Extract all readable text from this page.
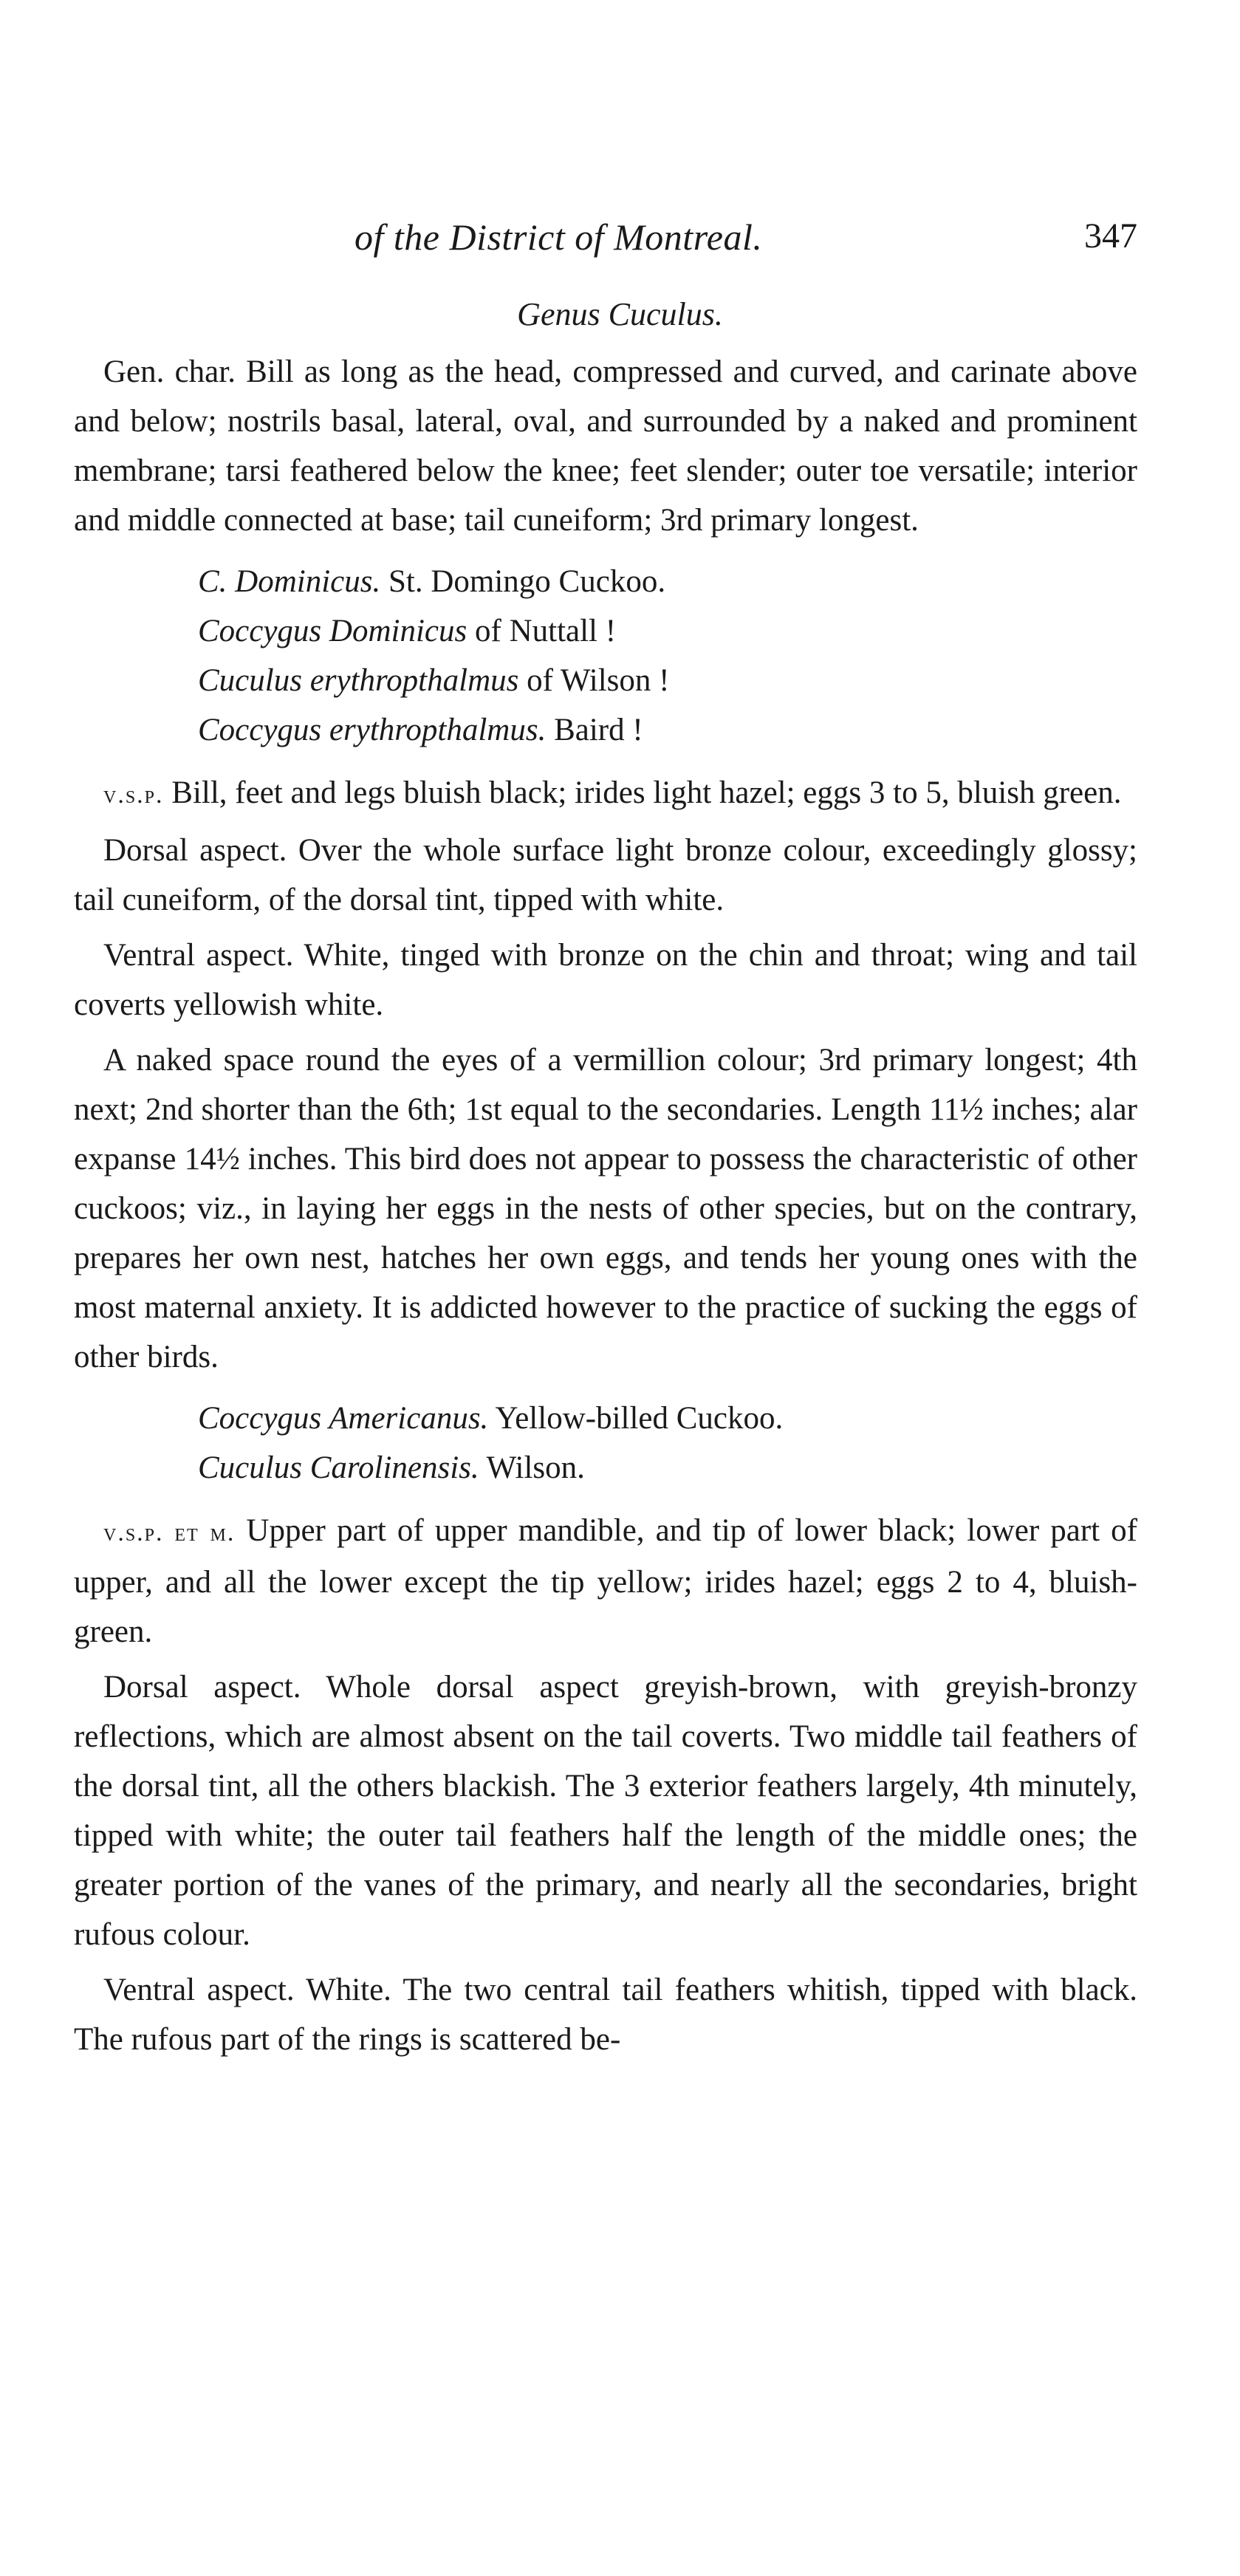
of the District of Montreal.	347
Genus Cuculus.

Gen. char. Bill as long as the head, compressed and curved, and carinate above and below; nostrils basal, lateral, oval, and surrounded by a naked and prominent membrane; tarsi feathered below the knee; feet slender; outer toe versatile; interior and middle connected at base; tail cuneiform; 3rd primary longest.

C. Dominicus. St. Domingo Cuckoo.
Coccygus Dominicus of Nuttall !
Cuculus erythropthalmus of Wilson !
Coccygus erythropthalmus. Baird !

v.s.p. Bill, feet and legs bluish black; irides light hazel; eggs 3 to 5, bluish green.

Dorsal aspect. Over the whole surface light bronze colour, exceedingly glossy; tail cuneiform, of the dorsal tint, tipped with white.

Ventral aspect. White, tinged with bronze on the chin and throat; wing and tail coverts yellowish white.

A naked space round the eyes of a vermillion colour; 3rd primary longest; 4th next; 2nd shorter than the 6th; 1st equal to the secondaries. Length 11½ inches; alar expanse 14½ inches. This bird does not appear to possess the characteristic of other cuckoos; viz., in laying her eggs in the nests of other species, but on the contrary, prepares her own nest, hatches her own eggs, and tends her young ones with the most maternal anxiety. It is addicted however to the practice of sucking the eggs of other birds.

Coccygus Americanus. Yellow-billed Cuckoo.
Cuculus Carolinensis. Wilson.

v.s.p. et m. Upper part of upper mandible, and tip of lower black; lower part of upper, and all the lower except the tip yellow; irides hazel; eggs 2 to 4, bluish-green.

Dorsal aspect. Whole dorsal aspect greyish-brown, with greyish-bronzy reflections, which are almost absent on the tail coverts. Two middle tail feathers of the dorsal tint, all the others blackish. The 3 exterior feathers largely, 4th minutely, tipped with white; the outer tail feathers half the length of the middle ones; the greater portion of the vanes of the primary, and nearly all the secondaries, bright rufous colour.

Ventral aspect. White. The two central tail feathers whitish, tipped with black. The rufous part of the rings is scattered be-
